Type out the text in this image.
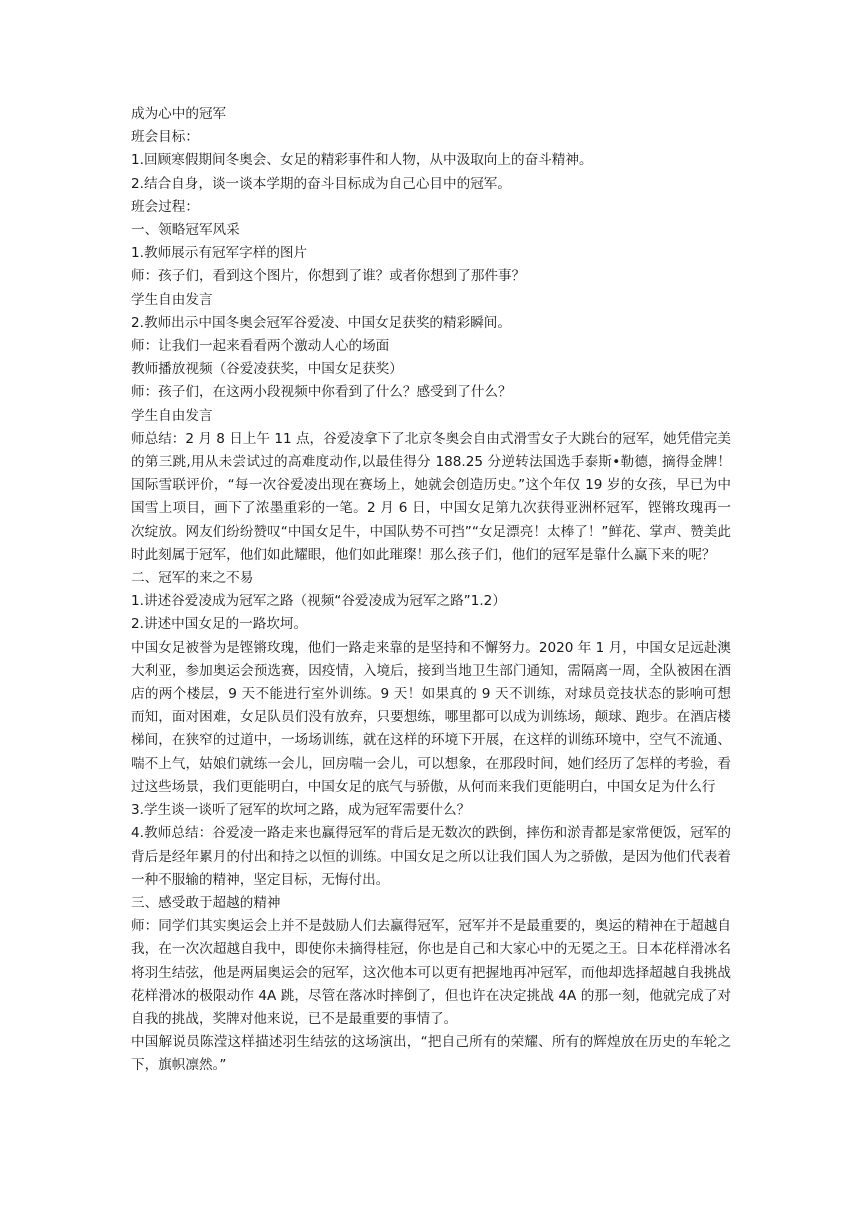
成为心中的冠军

班会目标：

1.回顾寒假期间冬奥会、女足的精彩事件和人物，从中汲取向上的奋斗精神。

2.结合自身，谈一谈本学期的奋斗目标成为自己心目中的冠军。

班会过程：

一、领略冠军风采

1.教师展示有冠军字样的图片

师：孩子们，看到这个图片，你想到了谁？或者你想到了那件事？

学生自由发言

2.教师出示中国冬奥会冠军谷爱凌、中国女足获奖的精彩瞬间。

师：让我们一起来看看两个激动人心的场面

教师播放视频（谷爱凌获奖，中国女足获奖）

师：孩子们，在这两小段视频中你看到了什么？感受到了什么？

学生自由发言

师总结：2 月 8 日上午 11 点，谷爱凌拿下了北京冬奥会自由式滑雪女子大跳台的冠军，她凭借完美的第三跳,用从未尝试过的高难度动作,以最佳得分 188.25 分逆转法国选手泰斯•勒德，摘得金牌！国际雪联评价，“每一次谷爱凌出现在赛场上，她就会创造历史。”这个年仅 19 岁的女孩，早已为中国雪上项目，画下了浓墨重彩的一笔。2 月 6 日，中国女足第九次获得亚洲杯冠军，铿锵玫瑰再一次绽放。网友们纷纷赞叹“中国女足牛，中国队势不可挡”“女足漂亮！太棒了！”鲜花、掌声、赞美此时此刻属于冠军，他们如此耀眼，他们如此璀璨！那么孩子们，他们的冠军是靠什么赢下来的呢？

二、冠军的来之不易

1.讲述谷爱凌成为冠军之路（视频“谷爱凌成为冠军之路”1.2）

2.讲述中国女足的一路坎坷。

中国女足被誉为是铿锵玫瑰，他们一路走来靠的是坚持和不懈努力。2020 年 1 月，中国女足远赴澳大利亚，参加奥运会预选赛，因疫情，入境后，接到当地卫生部门通知，需隔离一周，全队被困在酒店的两个楼层，9 天不能进行室外训练。9 天！如果真的 9 天不训练，对球员竞技状态的影响可想而知，面对困难，女足队员们没有放弃，只要想练，哪里都可以成为训练场，颠球、跑步。在酒店楼梯间，在狭窄的过道中，一场场训练，就在这样的环境下开展，在这样的训练环境中，空气不流通、喘不上气，姑娘们就练一会儿，回房喘一会儿，可以想象，在那段时间，她们经历了怎样的考验，看过这些场景，我们更能明白，中国女足的底气与骄傲，从何而来我们更能明白，中国女足为什么行

3.学生谈一谈听了冠军的坎坷之路，成为冠军需要什么？

4.教师总结：谷爱凌一路走来也赢得冠军的背后是无数次的跌倒，摔伤和淤青都是家常便饭，冠军的背后是经年累月的付出和持之以恒的训练。中国女足之所以让我们国人为之骄傲，是因为他们代表着一种不服输的精神，坚定目标，无悔付出。

三、感受敢于超越的精神

师：同学们其实奥运会上并不是鼓励人们去赢得冠军，冠军并不是最重要的，奥运的精神在于超越自我，在一次次超越自我中，即使你未摘得桂冠，你也是自己和大家心中的无冕之王。日本花样滑冰名将羽生结弦，他是两届奥运会的冠军，这次他本可以更有把握地再冲冠军，而他却选择超越自我挑战花样滑冰的极限动作 4A 跳，尽管在落冰时摔倒了，但也许在决定挑战 4A 的那一刻，他就完成了对自我的挑战，奖牌对他来说，已不是最重要的事情了。

中国解说员陈滢这样描述羽生结弦的这场演出，“把自己所有的荣耀、所有的辉煌放在历史的车轮之下，旗帜凛然。”
